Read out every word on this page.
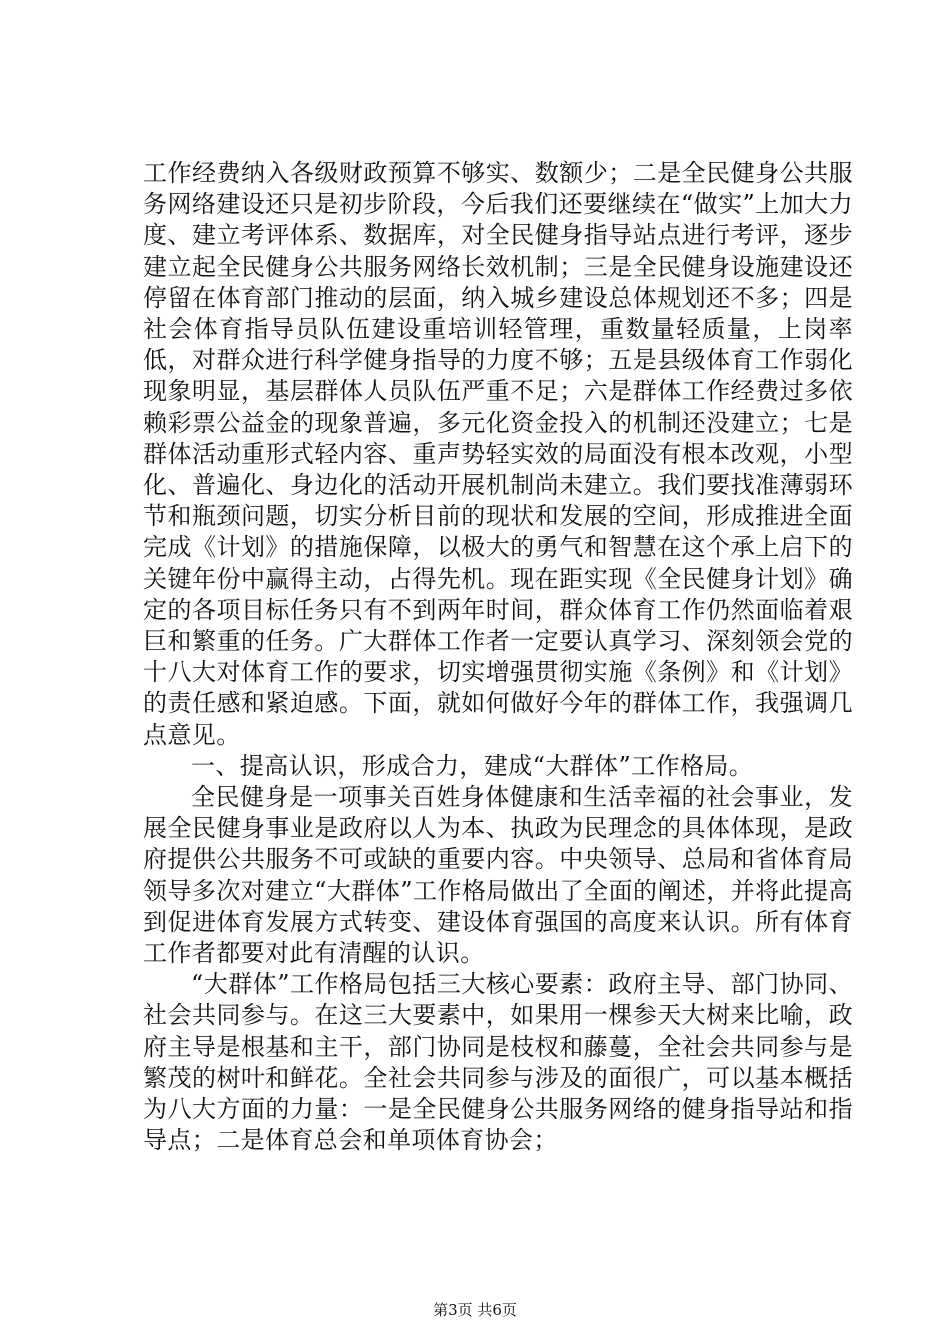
工作经费纳入各级财政预算不够实、数额少；二是全民健身公共服务网络建设还只是初步阶段，今后我们还要继续在“做实”上加大力度、建立考评体系、数据库，对全民健身指导站点进行考评，逐步建立起全民健身公共服务网络长效机制；三是全民健身设施建设还停留在体育部门推动的层面，纳入城乡建设总体规划还不多；四是社会体育指导员队伍建设重培训轻管理，重数量轻质量，上岗率低，对群众进行科学健身指导的力度不够；五是县级体育工作弱化现象明显，基层群体人员队伍严重不足；六是群体工作经费过多依赖彩票公益金的现象普遍，多元化资金投入的机制还没建立；七是群体活动重形式轻内容、重声势轻实效的局面没有根本改观，小型化、普遍化、身边化的活动开展机制尚未建立。我们要找准薄弱环节和瓶颈问题，切实分析目前的现状和发展的空间，形成推进全面完成《计划》的措施保障，以极大的勇气和智慧在这个承上启下的关键年份中赢得主动，占得先机。现在距实现《全民健身计划》确定的各项目标任务只有不到两年时间，群众体育工作仍然面临着艰巨和繁重的任务。广大群体工作者一定要认真学习、深刻领会党的十八大对体育工作的要求，切实增强贯彻实施《条例》和《计划》的责任感和紧迫感。下面，就如何做好今年的群体工作，我强调几点意见。

一、提高认识，形成合力，建成“大群体”工作格局。

全民健身是一项事关百姓身体健康和生活幸福的社会事业，发展全民健身事业是政府以人为本、执政为民理念的具体体现，是政府提供公共服务不可或缺的重要内容。中央领导、总局和省体育局领导多次对建立“大群体”工作格局做出了全面的阐述，并将此提高到促进体育发展方式转变、建设体育强国的高度来认识。所有体育工作者都要对此有清醒的认识。

“大群体”工作格局包括三大核心要素：政府主导、部门协同、社会共同参与。在这三大要素中，如果用一棵参天大树来比喻，政府主导是根基和主干，部门协同是枝杈和藤蔓，全社会共同参与是繁茂的树叶和鲜花。全社会共同参与涉及的面很广，可以基本概括为八大方面的力量：一是全民健身公共服务网络的健身指导站和指导点；二是体育总会和单项体育协会；

第3页 共6页
